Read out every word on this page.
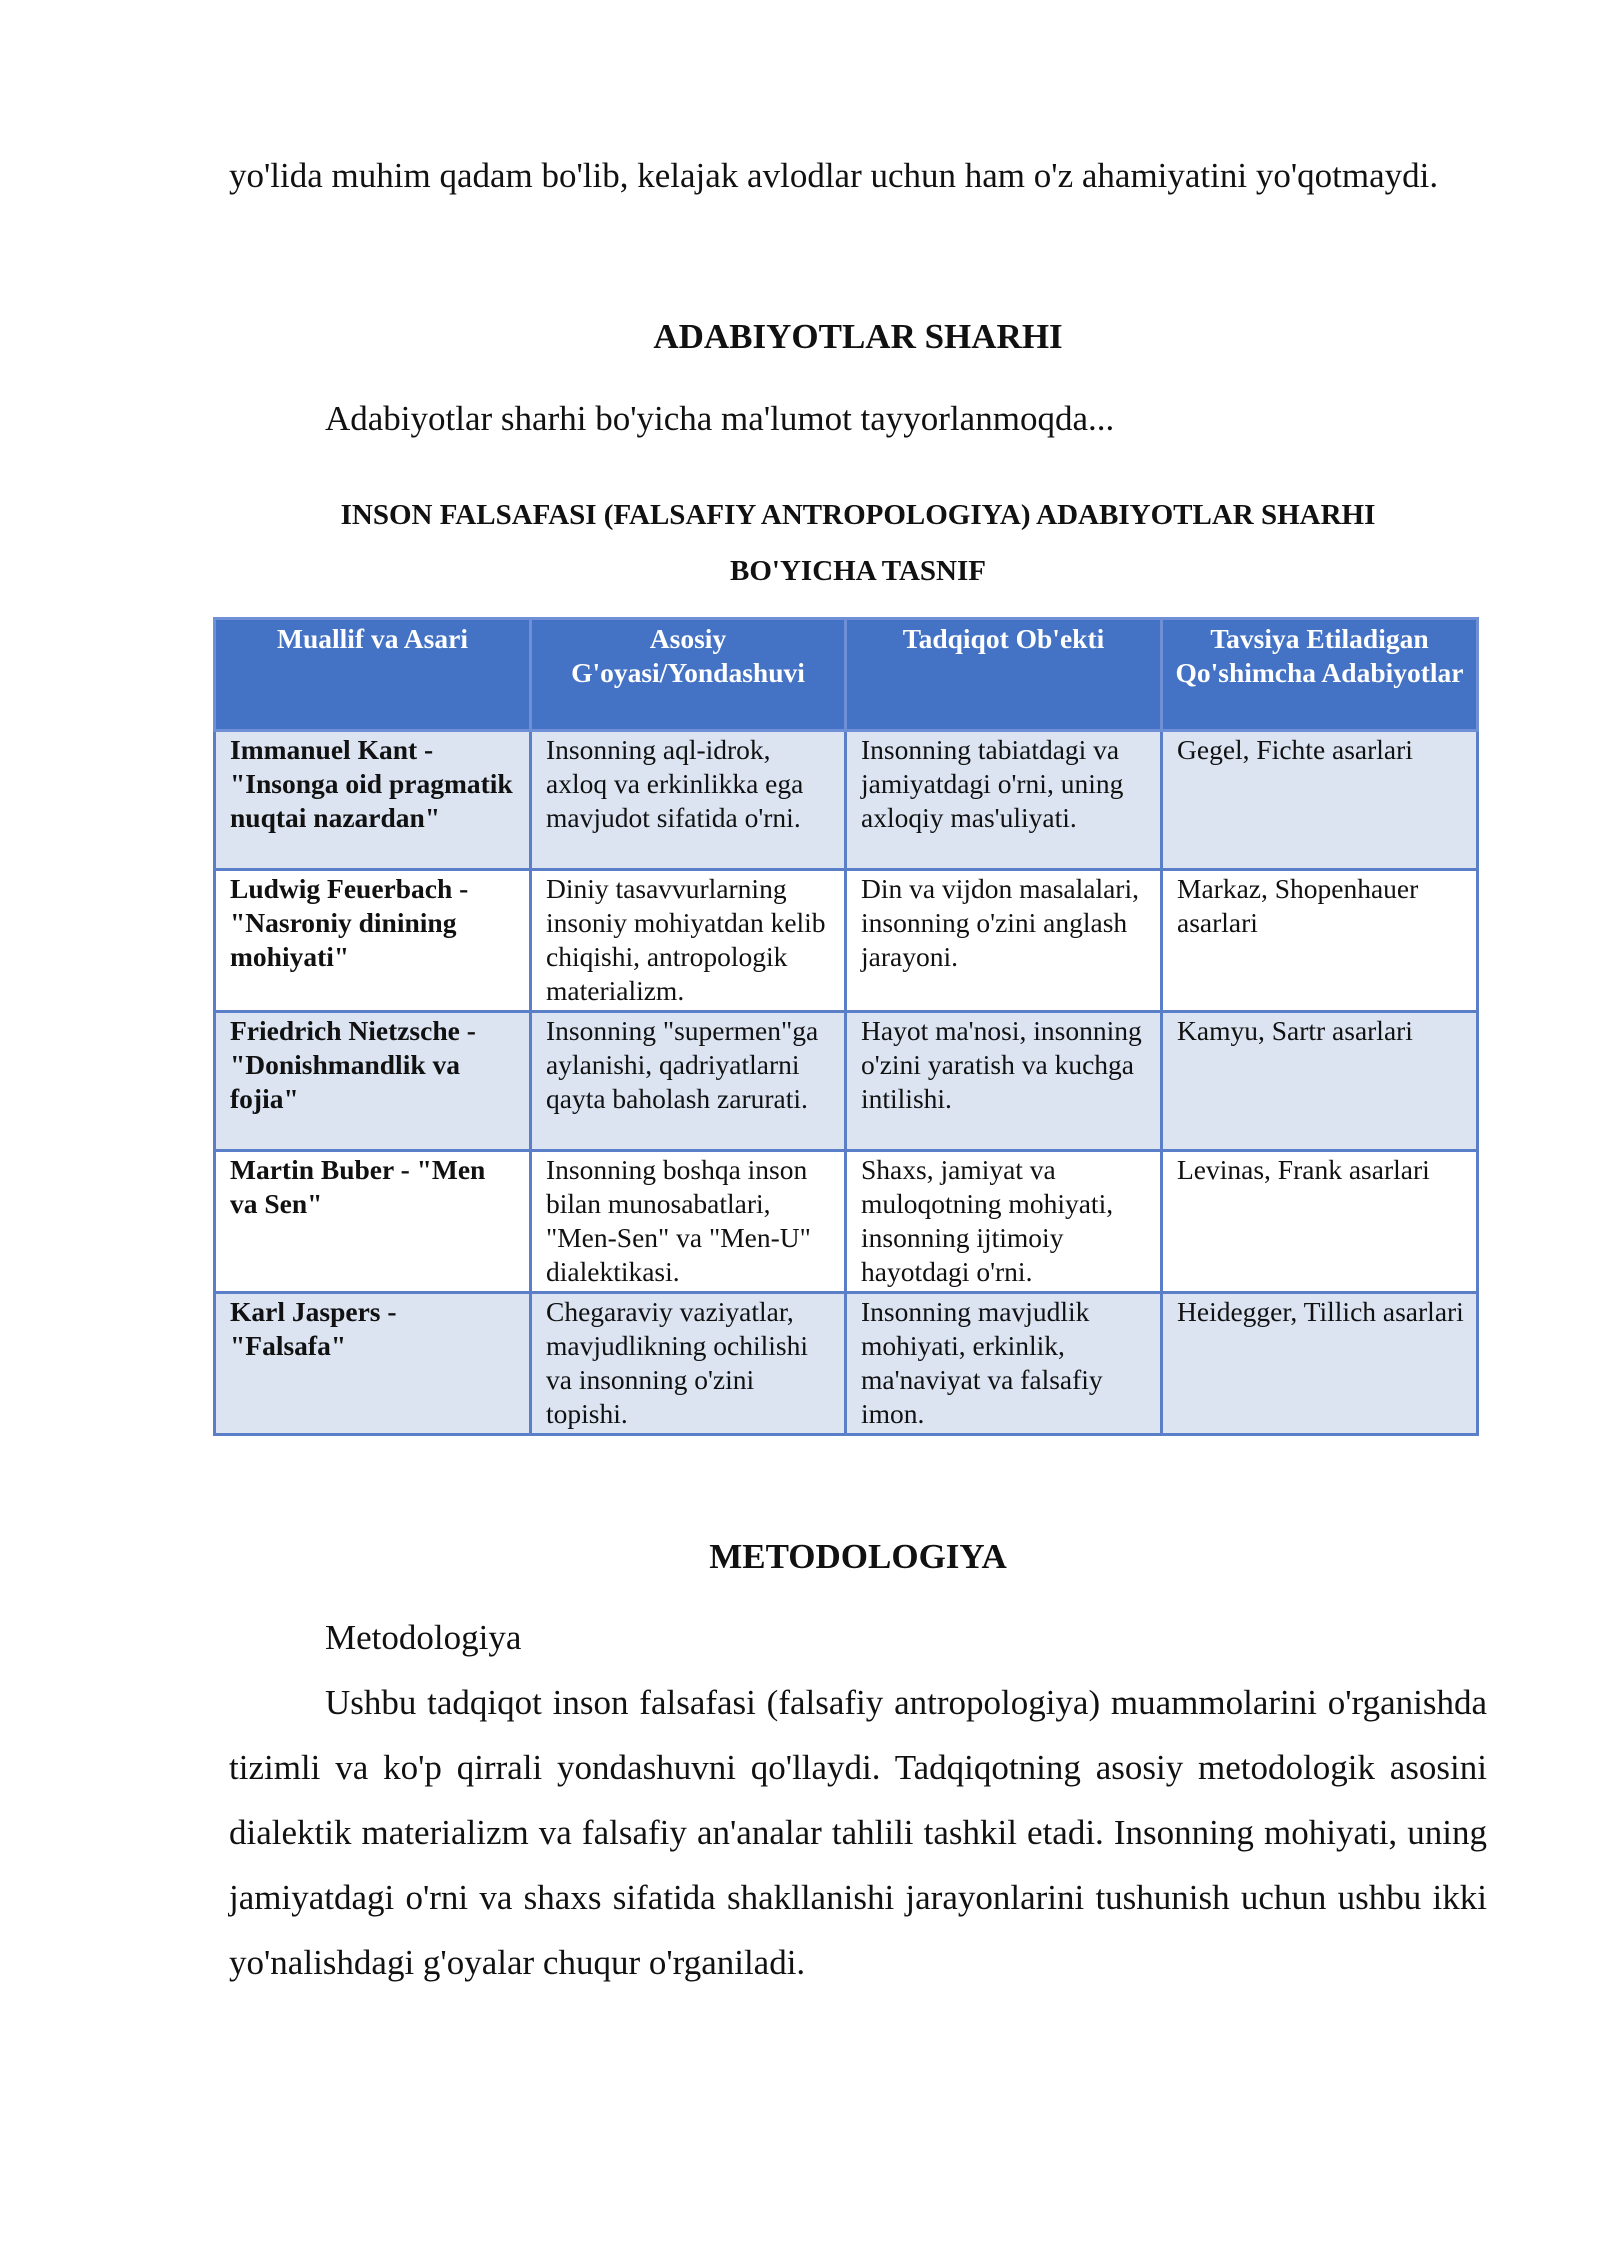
yo'lida muhim qadam bo'lib, kelajak avlodlar uchun ham o'z ahamiyatini yo'qotmaydi.

ADABIYOTLAR SHARHI

Adabiyotlar sharhi bo'yicha ma'lumot tayyorlanmoqda...

INSON FALSAFASI (FALSAFIY ANTROPOLOGIYA) ADABIYOTLAR SHARHI
BO'YICHA TASNIF
Muallif va Asari	Asosiy G'oyasi/Yondashuvi	Tadqiqot Ob'ekti	Tavsiya Etiladigan Qo'shimcha Adabiyotlar
Immanuel Kant - "Insonga oid pragmatik nuqtai nazardan"	Insonning aql-idrok, axloq va erkinlikka ega mavjudot sifatida o'rni.	Insonning tabiatdagi va jamiyatdagi o'rni, uning axloqiy mas'uliyati.	Gegel, Fichte asarlari
Ludwig Feuerbach - "Nasroniy dinining mohiyati"	Diniy tasavvurlarning insoniy mohiyatdan kelib chiqishi, antropologik materializm.	Din va vijdon masalalari, insonning o'zini anglash jarayoni.	Markaz, Shopenhauer asarlari
Friedrich Nietzsche - "Donishmandlik va fojia"	Insonning "supermen"ga aylanishi, qadriyatlarni qayta baholash zarurati.	Hayot ma'nosi, insonning o'zini yaratish va kuchga intilishi.	Kamyu, Sartr asarlari
Martin Buber - "Men va Sen"	Insonning boshqa inson bilan munosabatlari, "Men-Sen" va "Men-U" dialektikasi.	Shaxs, jamiyat va muloqotning mohiyati, insonning ijtimoiy hayotdagi o'rni.	Levinas, Frank asarlari
Karl Jaspers - "Falsafa"	Chegaraviy vaziyatlar, mavjudlikning ochilishi va insonning o'zini topishi.	Insonning mavjudlik mohiyati, erkinlik, ma'naviyat va falsafiy imon.	Heidegger, Tillich asarlari
METODOLOGIYA

Metodologiya

Ushbu tadqiqot inson falsafasi (falsafiy antropologiya) muammolarini o'rganishda tizimli va ko'p qirrali yondashuvni qo'llaydi. Tadqiqotning asosiy metodologik asosini dialektik materializm va falsafiy an'analar tahlili tashkil etadi. Insonning mohiyati, uning jamiyatdagi o'rni va shaxs sifatida shakllanishi jarayonlarini tushunish uchun ushbu ikki yo'nalishdagi g'oyalar chuqur o'rganiladi.
